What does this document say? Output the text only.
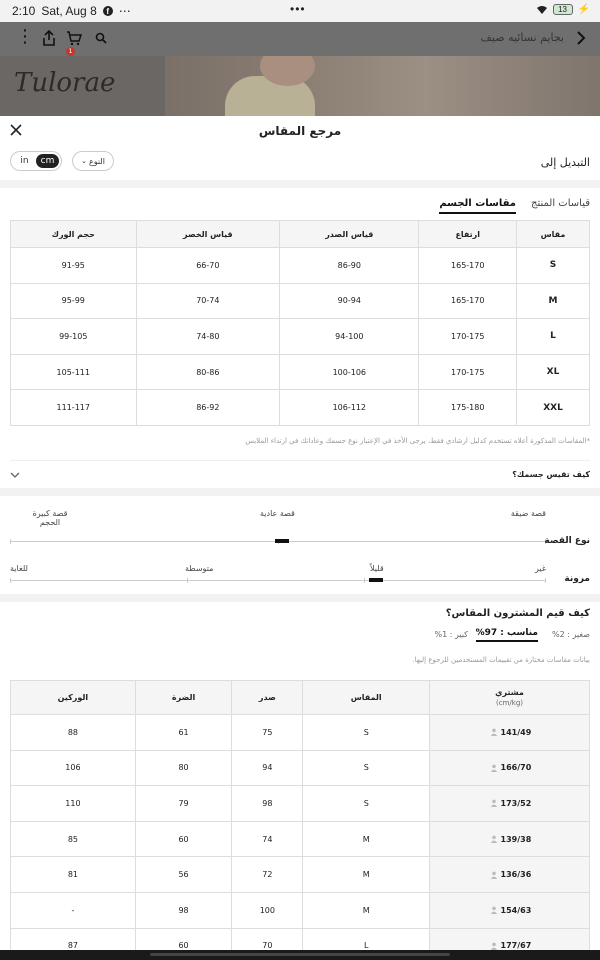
2:10 Sat, Aug 8	f ⋯	•••	13	⚡
⋮
1
بجايم نسائيه صيف
Tulorae
مرجع المقاس
التبديل إلى
⌄ النوع
in	cm
قياسات المنتج
مقاسات الجسم
مقاس	ارتفاع	قياس الصدر	قياس الخصر	حجم الورك
S	165-170	86-90	66-70	91-95
M	165-170	90-94	70-74	95-99
L	170-175	94-100	74-80	99-105
XL	170-175	100-106	80-86	105-111
XXL	175-180	106-112	86-92	111-117
*المقاسات المذكورة أعلاه تستخدم كدليل ارشادي فقط، يرجى الأخذ في الإعتبار نوع جسمك وعاداتك في ارتداء الملابس
كيف تقيس جسمك؟
قصة ضيقة
قصة عادية
قصة كبيرة الحجم
نوع القصة
غير
قليلاً
متوسطة
للغاية
مرونة
كيف قيم المشترون المقاس؟
صغير : 2%
مناسب : 97%
كبير : 1%
بيانات مقاسات مختارة من تقييمات المستخدمين للرجوع إليها.
مشتري
(cm/kg)	المقاس	صدر	الضرة	الوركين
141/49	S	75	61	88
166/70	S	94	80	106
173/52	S	98	79	110
139/38	M	74	60	85
136/36	M	72	56	81
154/63	M	100	98	-
177/67	L	70	60	87
